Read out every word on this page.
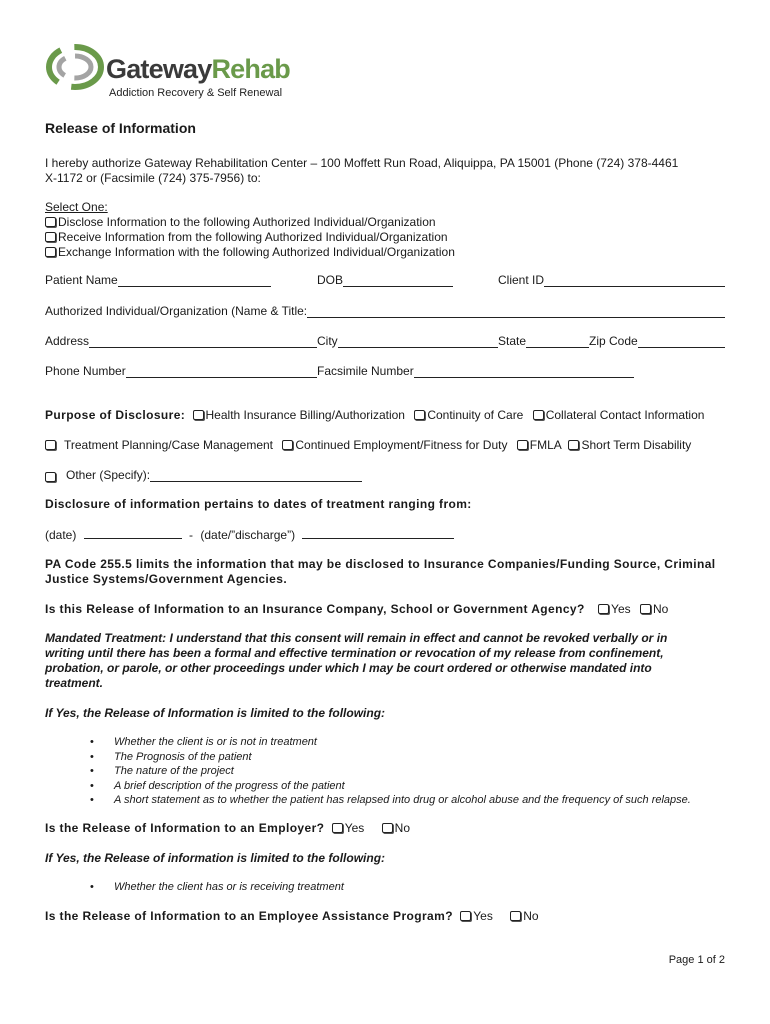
GatewayRehab
Addiction Recovery & Self Renewal
Release of Information
I hereby authorize Gateway Rehabilitation Center – 100 Moffett Run Road, Aliquippa, PA 15001 (Phone (724) 378-4461
X-1172 or (Facsimile (724) 375-7956) to:
Select One:
Disclose Information to the following Authorized Individual/Organization
Receive Information from the following Authorized Individual/Organization
Exchange Information with the following Authorized Individual/Organization
Patient Name	DOB	Client ID
Authorized Individual/Organization (Name & Title:
Address	City	State	Zip Code
Phone Number	Facsimile Number
Purpose of Disclosure: Health Insurance Billing/Authorization Continuity of Care Collateral Contact Information
Treatment Planning/Case Management Continued Employment/Fitness for Duty FMLA Short Term Disability
Other (Specify):
Disclosure of information pertains to dates of treatment ranging from:
(date)	- (date/”discharge”)
PA Code 255.5 limits the information that may be disclosed to Insurance Companies/Funding Source, Criminal
Justice Systems/Government Agencies.
Is this Release of Information to an Insurance Company, School or Government Agency? Yes No
Mandated Treatment: I understand that this consent will remain in effect and cannot be revoked verbally or in
writing until there has been a formal and effective termination or revocation of my release from confinement,
probation, or parole, or other proceedings under which I may be court ordered or otherwise mandated into
treatment.
If Yes, the Release of Information is limited to the following:
• Whether the client is or is not in treatment
• The Prognosis of the patient
• The nature of the project
• A brief description of the progress of the patient
• A short statement as to whether the patient has relapsed into drug or alcohol abuse and the frequency of such relapse.
Is the Release of Information to an Employer? Yes	No
If Yes, the Release of information is limited to the following:
• Whether the client has or is receiving treatment
Is the Release of Information to an Employee Assistance Program? Yes	No
Page 1 of 2
